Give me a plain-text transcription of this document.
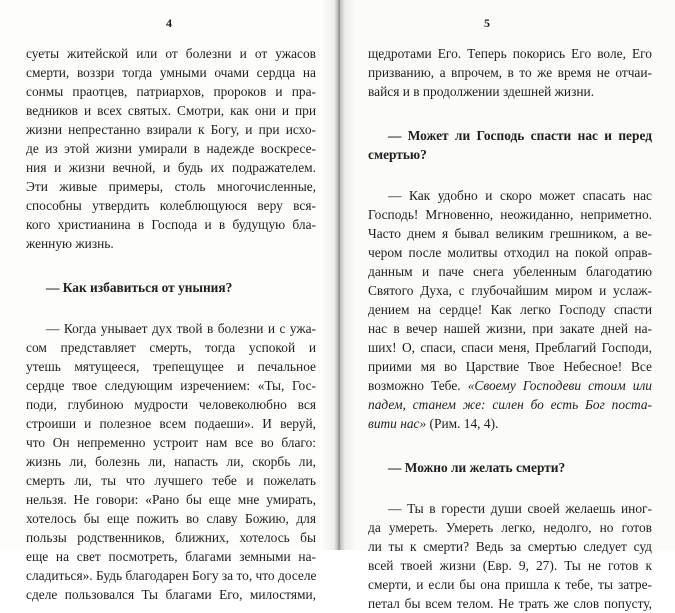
4
суеты житейской или от болезни и от ужасов
смерти, воззри тогда умными очами сердца на
сонмы праотцев, патриархов, пророков и пра-
ведников и всех святых. Смотри, как они и при
жизни непрестанно взирали к Богу, и при исхо-
де из этой жизни умирали в надежде воскресе-
ния и жизни вечной, и будь их подражателем.
Эти живые примеры, столь многочисленные,
способны утвердить колеблющуюся веру вся-
кого христианина в Господа и в будущую бла-
женную жизнь.
— Как избавиться от уныния?
— Когда унывает дух твой в болезни и с ужа-
сом представляет смерть, тогда успокой и
утешь мятущееся, трепещущее и печальное
сердце твое следующим изречением: «Ты, Гос-
поди, глубиною мудрости человеколюбно вся
строиши и полезное всем подаеши». И веруй,
что Он непременно устроит нам все во благо:
жизнь ли, болезнь ли, напасть ли, скорбь ли,
смерть ли, ты что лучшего тебе и пожелать
нельзя. Не говори: «Рано бы еще мне умирать,
хотелось бы еще пожить во славу Божию, для
пользы родственников, ближних, хотелось бы
еще на свет посмотреть, благами земными на-
сладиться». Будь благодарен Богу за то, что доселе
сделе пользовался Ты благами Его, милостями,
5
щедротами Его. Теперь покорись Его воле, Его
призванию, а впрочем, в то же время не отчаи-
вайся и в продолжении здешней жизни.
— Может ли Господь спасти нас и перед
смертью?
— Как удобно и скоро может спасать нас
Господь! Мгновенно, неожиданно, неприметно.
Часто днем я бывал великим грешником, а ве-
чером после молитвы отходил на покой оправ-
данным и паче снега убеленным благодатию
Святого Духа, с глубочайшим миром и услаж-
дением на сердце! Как легко Господу спасти
нас в вечер нашей жизни, при закате дней на-
ших! О, спаси, спаси меня, Преблагий Господи,
приими мя во Царствие Твое Небесное! Все
возможно Тебе. «Своему Господеви стоим или
падем, станем же: силен бо есть Бог поста-
вити нас» (Рим. 14, 4).
— Можно ли желать смерти?
— Ты в горести души своей желаешь иног-
да умереть. Умереть легко, недолго, но готов
ли ты к смерти? Ведь за смертью следует суд
всей твоей жизни (Евр. 9, 27). Ты не готов к
смерти, и если бы она пришла к тебе, ты затре-
петал бы всем телом. Не трать же слов попусту,
